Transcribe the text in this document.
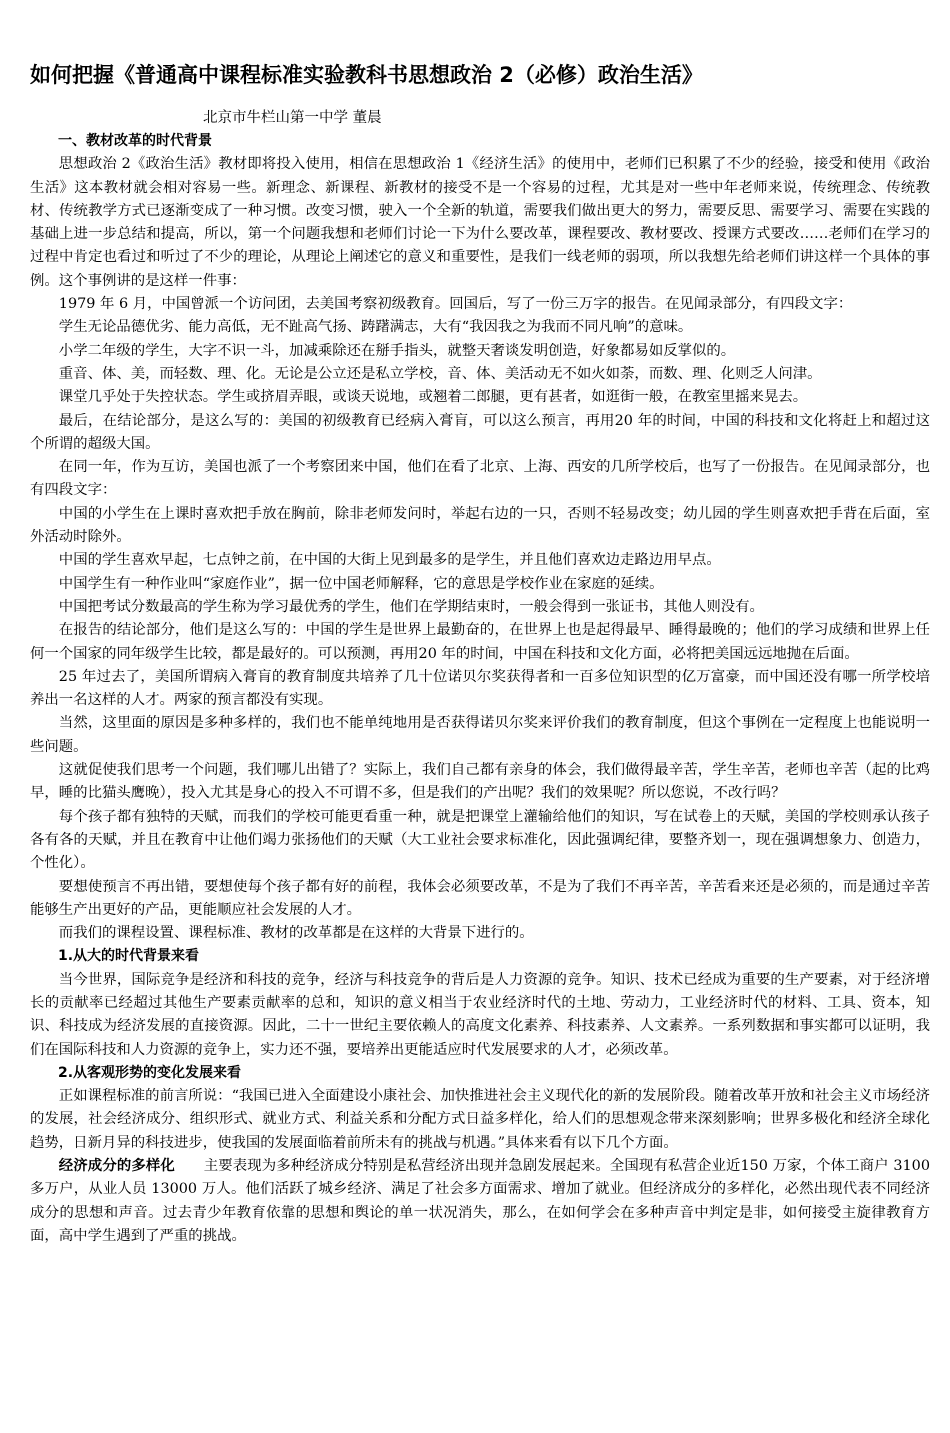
如何把握《普通高中课程标准实验教科书思想政治 2（必修）政治生活》
北京市牛栏山第一中学 董晨
一、教材改革的时代背景

思想政治 2《政治生活》教材即将投入使用，相信在思想政治 1《经济生活》的使用中，老师们已积累了不少的经验，接受和使用《政治生活》这本教材就会相对容易一些。新理念、新课程、新教材的接受不是一个容易的过程，尤其是对一些中年老师来说，传统理念、传统教材、传统教学方式已逐渐变成了一种习惯。改变习惯，驶入一个全新的轨道，需要我们做出更大的努力，需要反思、需要学习、需要在实践的基础上进一步总结和提高，所以，第一个问题我想和老师们讨论一下为什么要改革，课程要改、教材要改、授课方式要改……老师们在学习的过程中肯定也看过和听过了不少的理论，从理论上阐述它的意义和重要性，是我们一线老师的弱项，所以我想先给老师们讲这样一个具体的事例。这个事例讲的是这样一件事：

1979 年 6 月，中国曾派一个访问团，去美国考察初级教育。回国后，写了一份三万字的报告。在见闻录部分，有四段文字：

学生无论品德优劣、能力高低，无不趾高气扬、踌躇满志，大有“我因我之为我而不同凡响”的意味。

小学二年级的学生，大字不识一斗，加减乘除还在掰手指头，就整天奢谈发明创造，好象都易如反掌似的。

重音、体、美，而轻数、理、化。无论是公立还是私立学校，音、体、美活动无不如火如荼，而数、理、化则乏人问津。

课堂几乎处于失控状态。学生或挤眉弄眼，或谈天说地，或翘着二郎腿，更有甚者，如逛街一般，在教室里摇来晃去。

最后，在结论部分，是这么写的：美国的初级教育已经病入膏肓，可以这么预言，再用20 年的时间，中国的科技和文化将赶上和超过这个所谓的超级大国。

在同一年，作为互访，美国也派了一个考察团来中国，他们在看了北京、上海、西安的几所学校后，也写了一份报告。在见闻录部分，也有四段文字：

中国的小学生在上课时喜欢把手放在胸前，除非老师发问时，举起右边的一只，否则不轻易改变；幼儿园的学生则喜欢把手背在后面，室外活动时除外。

中国的学生喜欢早起，七点钟之前，在中国的大街上见到最多的是学生，并且他们喜欢边走路边用早点。

中国学生有一种作业叫“家庭作业”，据一位中国老师解释，它的意思是学校作业在家庭的延续。

中国把考试分数最高的学生称为学习最优秀的学生，他们在学期结束时，一般会得到一张证书，其他人则没有。

在报告的结论部分，他们是这么写的：中国的学生是世界上最勤奋的，在世界上也是起得最早、睡得最晚的；他们的学习成绩和世界上任何一个国家的同年级学生比较，都是最好的。可以预测，再用20 年的时间，中国在科技和文化方面，必将把美国远远地抛在后面。

25 年过去了，美国所谓病入膏肓的教育制度共培养了几十位诺贝尔奖获得者和一百多位知识型的亿万富豪，而中国还没有哪一所学校培养出一名这样的人才。两家的预言都没有实现。

当然，这里面的原因是多种多样的，我们也不能单纯地用是否获得诺贝尔奖来评价我们的教育制度，但这个事例在一定程度上也能说明一些问题。

这就促使我们思考一个问题，我们哪儿出错了？实际上，我们自己都有亲身的体会，我们做得最辛苦，学生辛苦，老师也辛苦（起的比鸡早，睡的比猫头鹰晚），投入尤其是身心的投入不可谓不多，但是我们的产出呢？我们的效果呢？所以您说，不改行吗？

每个孩子都有独特的天赋，而我们的学校可能更看重一种，就是把课堂上灌输给他们的知识，写在试卷上的天赋，美国的学校则承认孩子各有各的天赋，并且在教育中让他们竭力张扬他们的天赋（大工业社会要求标准化，因此强调纪律，要整齐划一，现在强调想象力、创造力，个性化）。

要想使预言不再出错，要想使每个孩子都有好的前程，我体会必须要改革，不是为了我们不再辛苦，辛苦看来还是必须的，而是通过辛苦能够生产出更好的产品，更能顺应社会发展的人才。

而我们的课程设置、课程标准、教材的改革都是在这样的大背景下进行的。

1.从大的时代背景来看

当今世界，国际竞争是经济和科技的竞争，经济与科技竞争的背后是人力资源的竞争。知识、技术已经成为重要的生产要素，对于经济增长的贡献率已经超过其他生产要素贡献率的总和，知识的意义相当于农业经济时代的土地、劳动力，工业经济时代的材料、工具、资本，知识、科技成为经济发展的直接资源。因此，二十一世纪主要依赖人的高度文化素养、科技素养、人文素养。一系列数据和事实都可以证明，我们在国际科技和人力资源的竞争上，实力还不强，要培养出更能适应时代发展要求的人才，必须改革。

2.从客观形势的变化发展来看

正如课程标准的前言所说：“我国已进入全面建设小康社会、加快推进社会主义现代化的新的发展阶段。随着改革开放和社会主义市场经济的发展，社会经济成分、组织形式、就业方式、利益关系和分配方式日益多样化，给人们的思想观念带来深刻影响；世界多极化和经济全球化趋势，日新月异的科技进步，使我国的发展面临着前所未有的挑战与机遇。”具体来看有以下几个方面。

经济成分的多样化   主要表现为多种经济成分特别是私营经济出现并急剧发展起来。全国现有私营企业近150 万家，个体工商户 3100 多万户，从业人员 13000 万人。他们活跃了城乡经济、满足了社会多方面需求、增加了就业。但经济成分的多样化，必然出现代表不同经济成分的思想和声音。过去青少年教育依靠的思想和舆论的单一状况消失，那么，在如何学会在多种声音中判定是非，如何接受主旋律教育方面，高中学生遇到了严重的挑战。
